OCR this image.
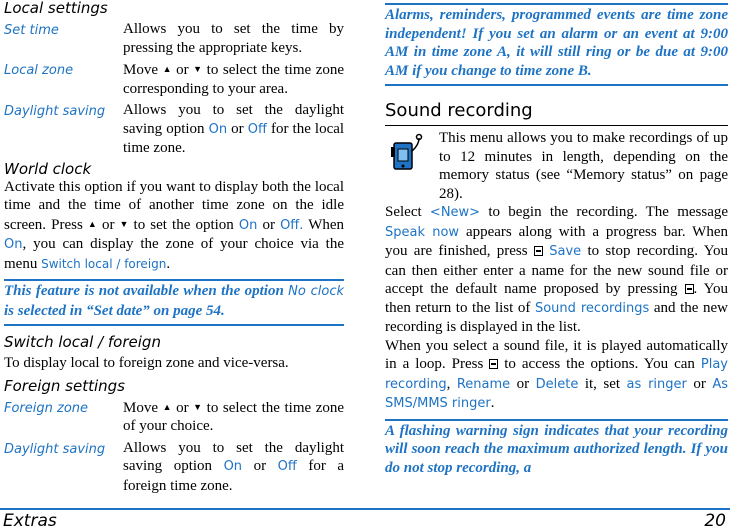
Local settings
Set time	Allows you to set the time by pressing the appropriate keys.
Local zone	Move ▲ or ▼ to select the time zone corresponding to your area.
Daylight saving	Allows you to set the daylight saving option On or Off for the local time zone.
World clock
Activate this option if you want to display both the local time and the time of another time zone on the idle screen. Press ▲ or ▼ to set the option On or Off. When On, you can display the zone of your choice via the menu Switch local / foreign.
This feature is not available when the option No clock is selected in “Set date” on page 54.
Switch local / foreign
To display local to foreign zone and vice-versa.
Foreign settings
Foreign zone	Move ▲ or ▼ to select the time zone of your choice.
Daylight saving	Allows you to set the daylight saving option On or Off for a foreign time zone.
Alarms, reminders, programmed events are time zone independent! If you set an alarm or an event at 9:00 AM in time zone A, it will still ring or be due at 9:00 AM if you change to time zone B.
Sound recording
This menu allows you to make recordings of up to 12 minutes in length, depending on the memory status (see “Memory status” on page 28).
Select <New> to begin the recording. The message Speak now appears along with a progress bar. When you are finished, press Save to stop recording. You can then either enter a name for the new sound file or accept the default name proposed by pressing . You then return to the list of Sound recordings and the new recording is displayed in the list.
When you select a sound file, it is played automatically in a loop. Press to access the options. You can Play recording, Rename or Delete it, set as ringer or As SMS/MMS ringer.
A flashing warning sign indicates that your recording will soon reach the maximum authorized length. If you do not stop recording, a
Extras	20
